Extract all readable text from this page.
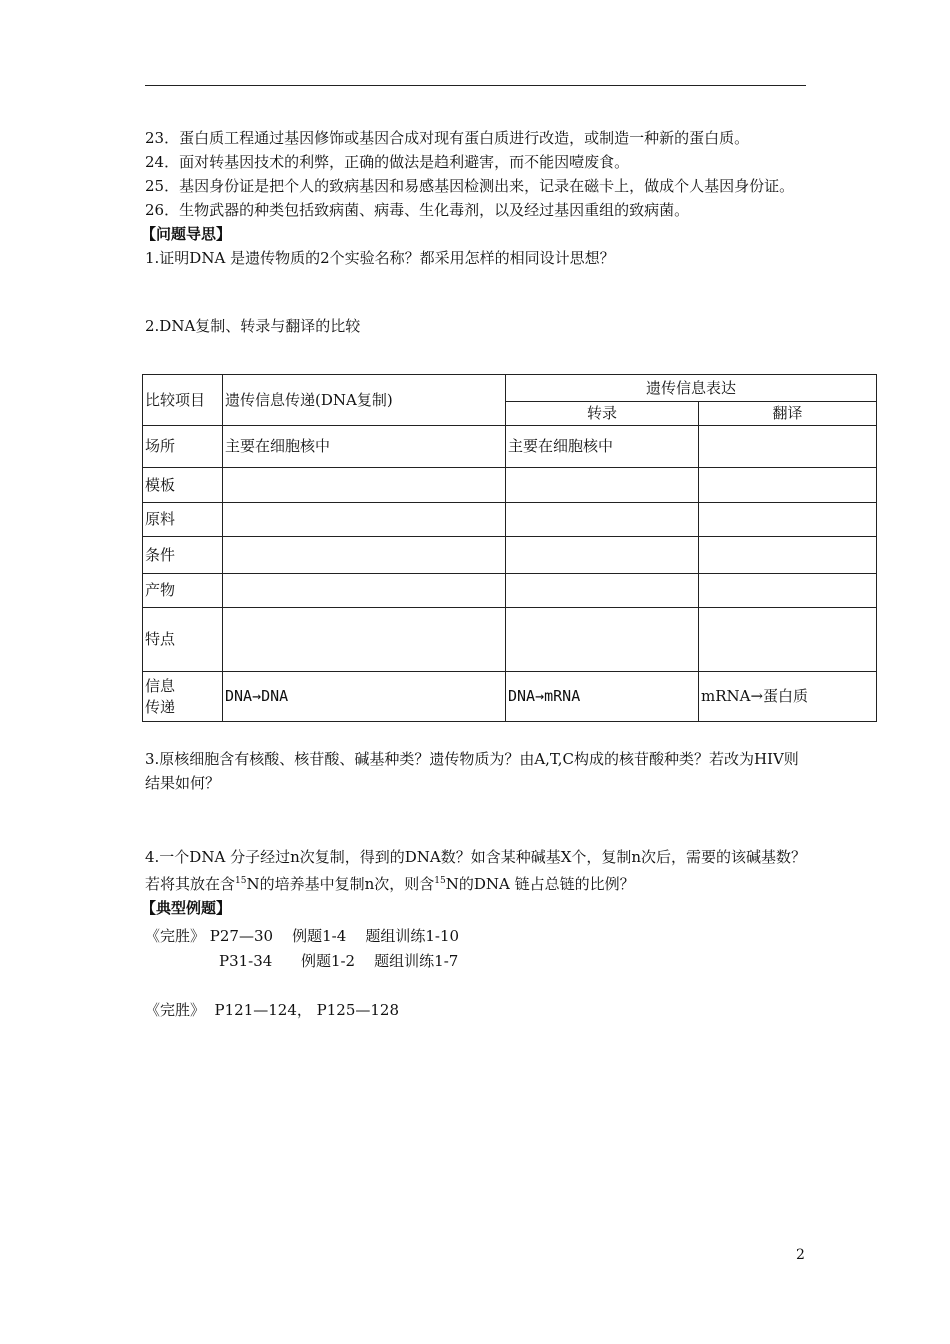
23．蛋白质工程通过基因修饰或基因合成对现有蛋白质进行改造，或制造一种新的蛋白质。

24．面对转基因技术的利弊，正确的做法是趋利避害，而不能因噎废食。

25．基因身份证是把个人的致病基因和易感基因检测出来，记录在磁卡上，做成个人基因身份证。

26．生物武器的种类包括致病菌、病毒、生化毒剂，以及经过基因重组的致病菌。

【问题导思】

1.证明DNA 是遗传物质的2个实验名称？都采用怎样的相同设计思想？

2.DNA复制、转录与翻译的比较

比较项目	遗传信息传递(DNA复制)	遗传信息表达	
		转录	翻译
场所	主要在细胞核中	主要在细胞核中	
模板			
原料			
条件			
产物			
特点			

信息
传递	DNA→DNA	DNA→mRNA	mRNA→蛋白质

3.原核细胞含有核酸、核苷酸、碱基种类？遗传物质为？由A,T,C构成的核苷酸种类？若改为HIV则结果如何？

4.一个DNA 分子经过n次复制，得到的DNA数？如含某种碱基X个，复制n次后，需要的该碱基数？若将其放在含$^{15}$N的培养基中复制n次，则含$^{15}$N的DNA 链占总链的比例？

【典型例题】

《完胜》 P27—30    例题1-4    题组训练1-10
P31-34      例题1-2    题组训练1-7
《完胜》  P121—124， P125—128
2
